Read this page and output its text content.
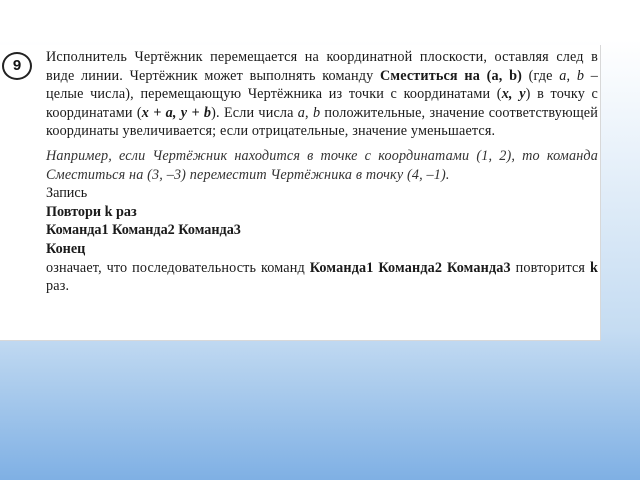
9	Исполнитель Чертёжник перемещается на координатной плоскости, оставляя след в виде линии. Чертёжник может выполнять команду Сместиться на (a, b) (где a, b – целые числа), перемещающую Чертёжника из точки с координатами (x, y) в точку с координатами (x + a, y + b). Если числа a, b положительные, значение соответствующей координаты увеличивается; если отрицательные, значение уменьшается.

Например, если Чертёжник находится в точке с координатами (1, 2), то команда Сместиться на (3, –3) переместит Чертёжника в точку (4, –1).

Запись

Повтори k раз

Команда1 Команда2 Команда3

Конец

означает, что последовательность команд Команда1 Команда2 Команда3 повторится k раз.
